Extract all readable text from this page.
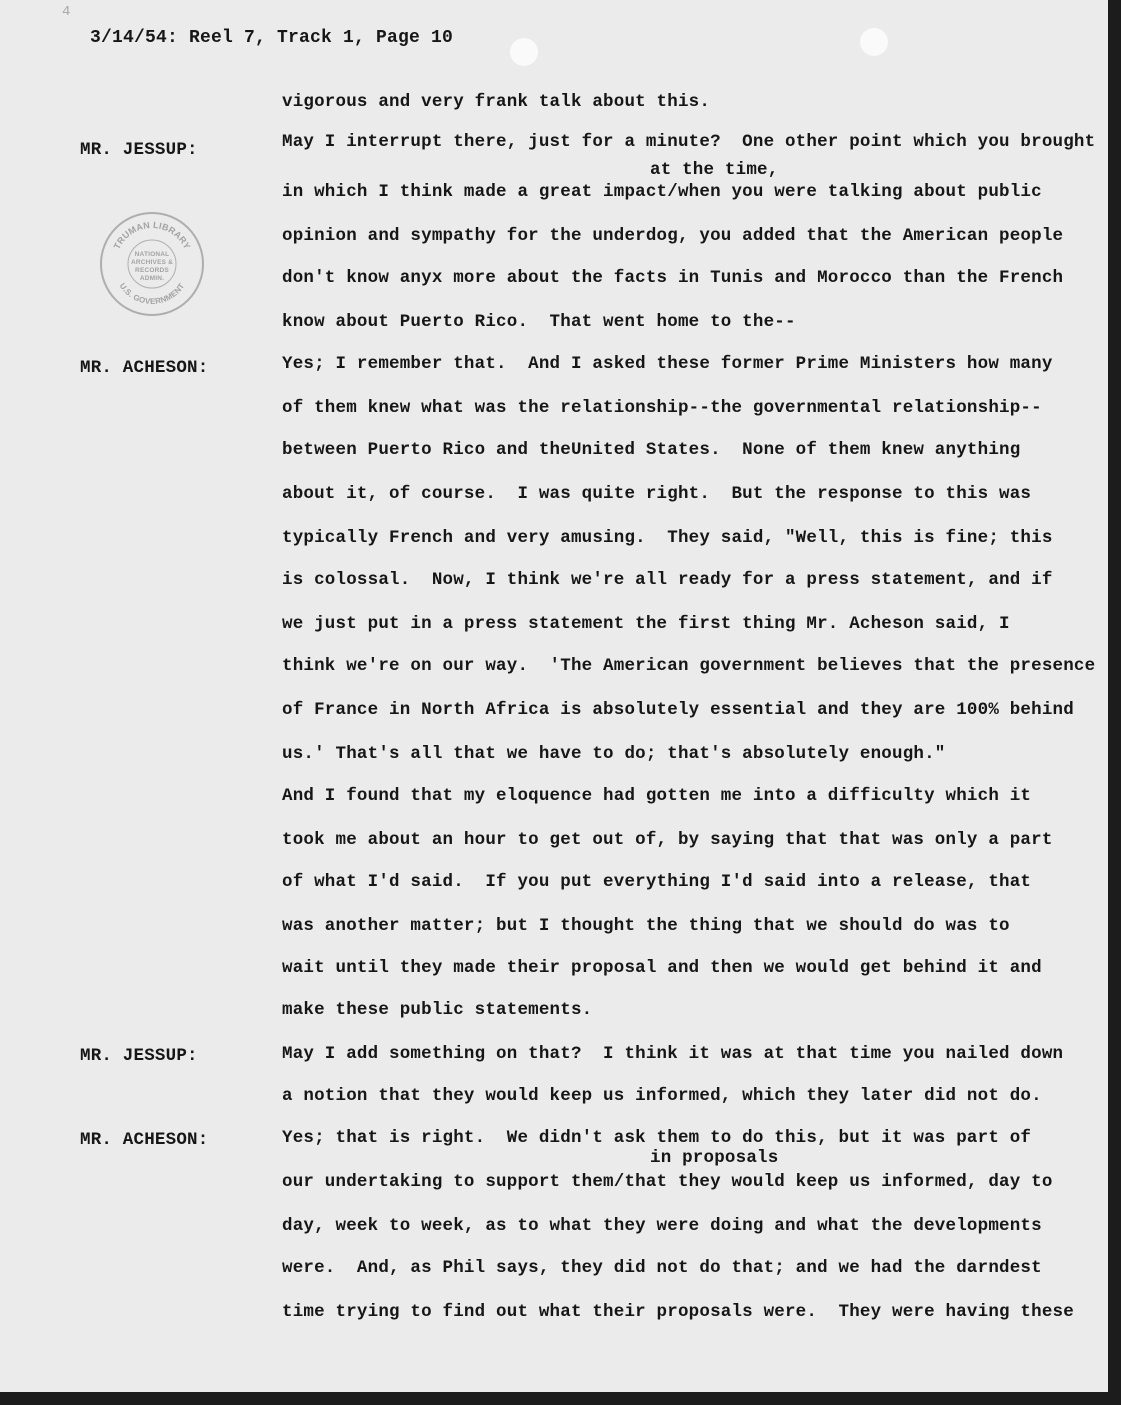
4
3/14/54: Reel 7, Track 1, Page 10
TRUMAN LIBRARY
U.S. GOVERNMENT
NATIONAL
ARCHIVES &
RECORDS
ADMIN.
MR. JESSUP:
MR. ACHESON:
MR. JESSUP:
MR. ACHESON:
at the time,
in proposals
vigorous and very frank talk about this.
May I interrupt there, just for a minute?  One other point which you brought
in which I think made a great impact/when you were talking about public
opinion and sympathy for the underdog, you added that the American people
don't know anyx more about the facts in Tunis and Morocco than the French
know about Puerto Rico.  That went home to the--
Yes; I remember that.  And I asked these former Prime Ministers how many
of them knew what was the relationship--the governmental relationship--
between Puerto Rico and theUnited States.  None of them knew anything
about it, of course.  I was quite right.  But the response to this was
typically French and very amusing.  They said, "Well, this is fine; this
is colossal.  Now, I think we're all ready for a press statement, and if
we just put in a press statement the first thing Mr. Acheson said, I
think we're on our way.  'The American government believes that the presence
of France in North Africa is absolutely essential and they are 100% behind
us.' That's all that we have to do; that's absolutely enough."
And I found that my eloquence had gotten me into a difficulty which it
took me about an hour to get out of, by saying that that was only a part
of what I'd said.  If you put everything I'd said into a release, that
was another matter; but I thought the thing that we should do was to
wait until they made their proposal and then we would get behind it and
make these public statements.
May I add something on that?  I think it was at that time you nailed down
a notion that they would keep us informed, which they later did not do.
Yes; that is right.  We didn't ask them to do this, but it was part of
our undertaking to support them/that they would keep us informed, day to
day, week to week, as to what they were doing and what the developments
were.  And, as Phil says, they did not do that; and we had the darndest
time trying to find out what their proposals were.  They were having these
